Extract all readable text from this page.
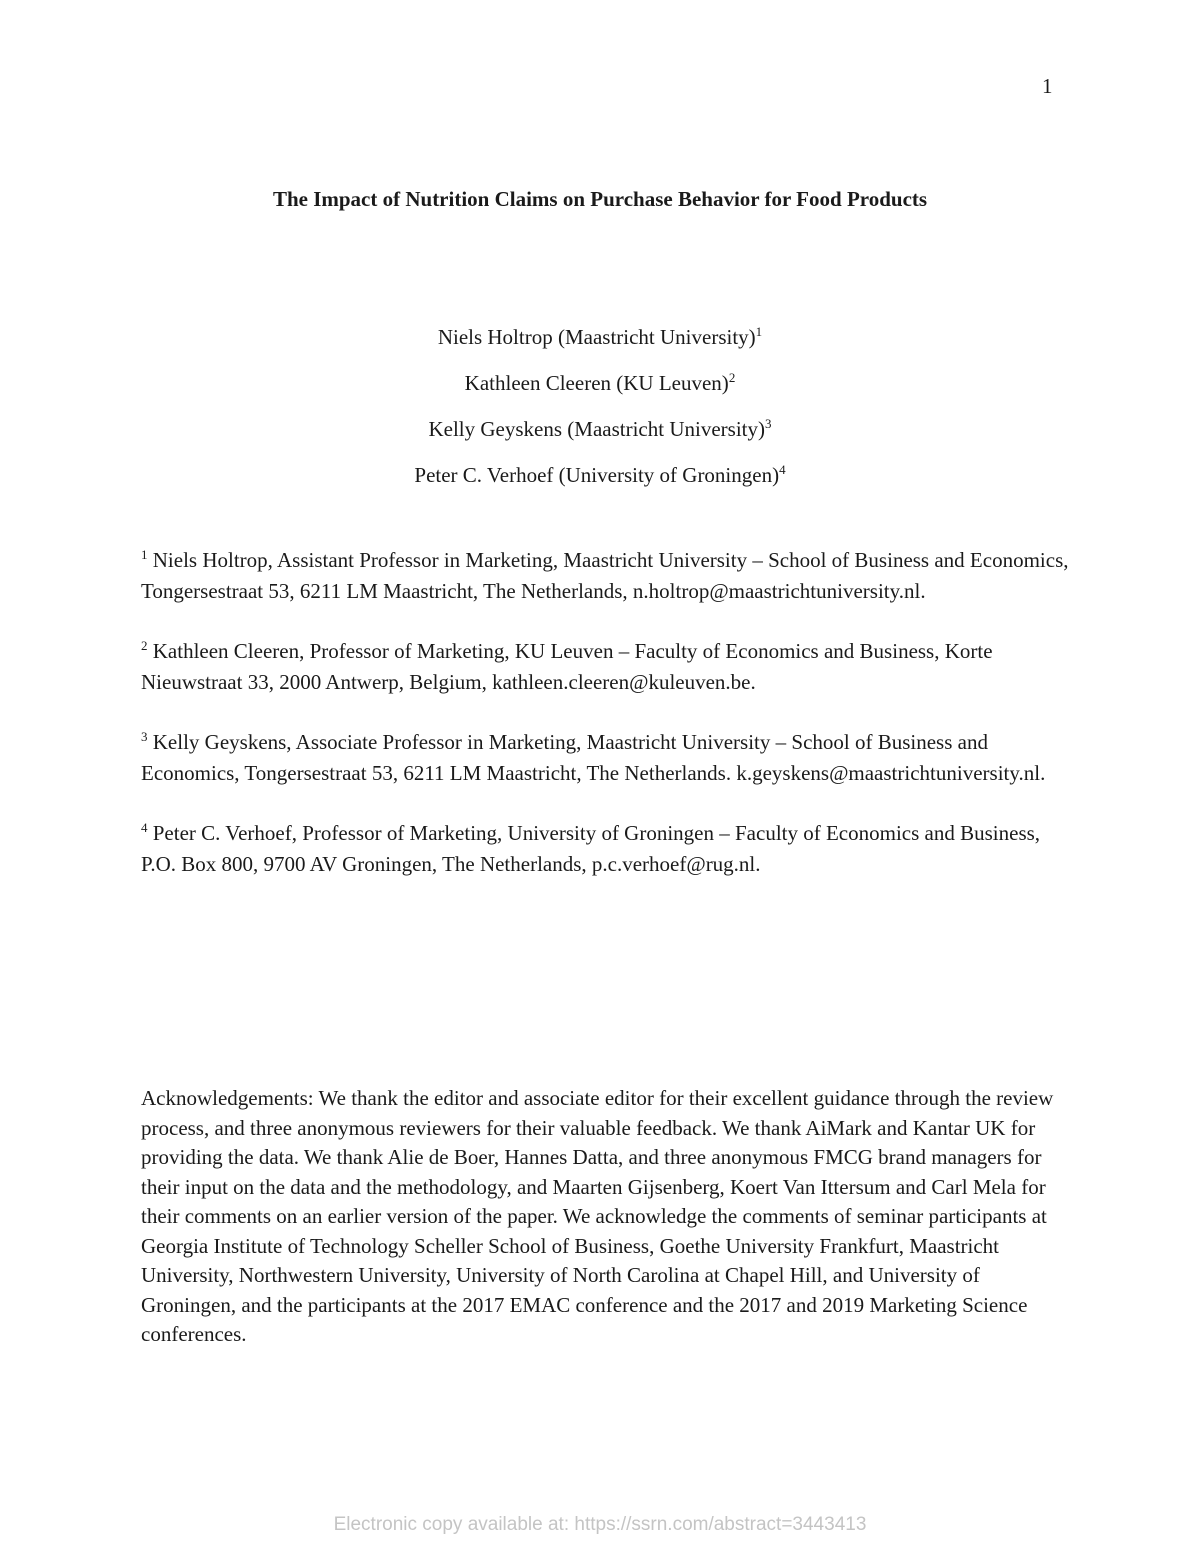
1
The Impact of Nutrition Claims on Purchase Behavior for Food Products
Niels Holtrop (Maastricht University)$^1$
Kathleen Cleeren (KU Leuven)$^2$
Kelly Geyskens (Maastricht University)$^3$
Peter C. Verhoef (University of Groningen)$^4$

$^1$ Niels Holtrop, Assistant Professor in Marketing, Maastricht University – School of Business and Economics, Tongersestraat 53, 6211 LM Maastricht, The Netherlands, n.holtrop@maastrichtuniversity.nl.

$^2$ Kathleen Cleeren, Professor of Marketing, KU Leuven – Faculty of Economics and Business, Korte Nieuwstraat 33, 2000 Antwerp, Belgium, kathleen.cleeren@kuleuven.be.

$^3$ Kelly Geyskens, Associate Professor in Marketing, Maastricht University – School of Business and Economics, Tongersestraat 53, 6211 LM Maastricht, The Netherlands. k.geyskens@maastrichtuniversity.nl.

$^4$ Peter C. Verhoef, Professor of Marketing, University of Groningen – Faculty of Economics and Business, P.O. Box 800, 9700 AV Groningen, The Netherlands, p.c.verhoef@rug.nl.

Acknowledgements: We thank the editor and associate editor for their excellent guidance through the review process, and three anonymous reviewers for their valuable feedback. We thank AiMark and Kantar UK for providing the data. We thank Alie de Boer, Hannes Datta, and three anonymous FMCG brand managers for their input on the data and the methodology, and Maarten Gijsenberg, Koert Van Ittersum and Carl Mela for their comments on an earlier version of the paper. We acknowledge the comments of seminar participants at Georgia Institute of Technology Scheller School of Business, Goethe University Frankfurt, Maastricht University, Northwestern University, University of North Carolina at Chapel Hill, and University of Groningen, and the participants at the 2017 EMAC conference and the 2017 and 2019 Marketing Science conferences.
Electronic copy available at: https://ssrn.com/abstract=3443413
